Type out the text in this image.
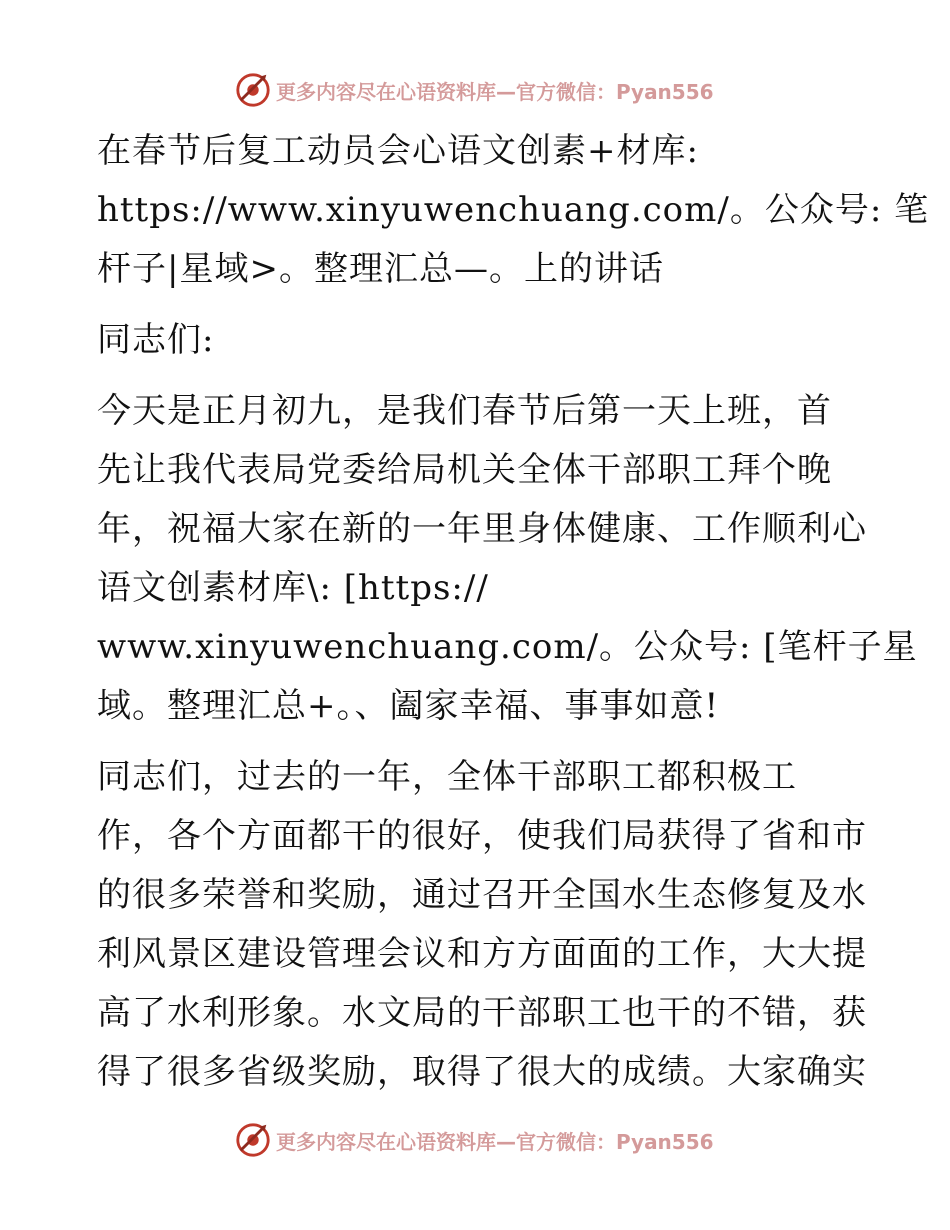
更多内容尽在心语资料库—官方微信：Pyan556
在春节后复工动员会心语文创素+材库:
https://www.xinyuwenchuang.com/。公众号: 笔
杆子|星域>。整理汇总—。上的讲话
同志们:
今天是正月初九，是我们春节后第一天上班，首
先让我代表局党委给局机关全体干部职工拜个晚
年，祝福大家在新的一年里身体健康、工作顺利心
语文创素材库\: [https://
www.xinyuwenchuang.com/。公众号: [笔杆子星
域。整理汇总+。、阖家幸福、事事如意!
同志们，过去的一年，全体干部职工都积极工
作，各个方面都干的很好，使我们局获得了省和市
的很多荣誉和奖励，通过召开全国水生态修复及水
利风景区建设管理会议和方方面面的工作，大大提
高了水利形象。水文局的干部职工也干的不错，获
得了很多省级奖励，取得了很大的成绩。大家确实
更多内容尽在心语资料库—官方微信：Pyan556
